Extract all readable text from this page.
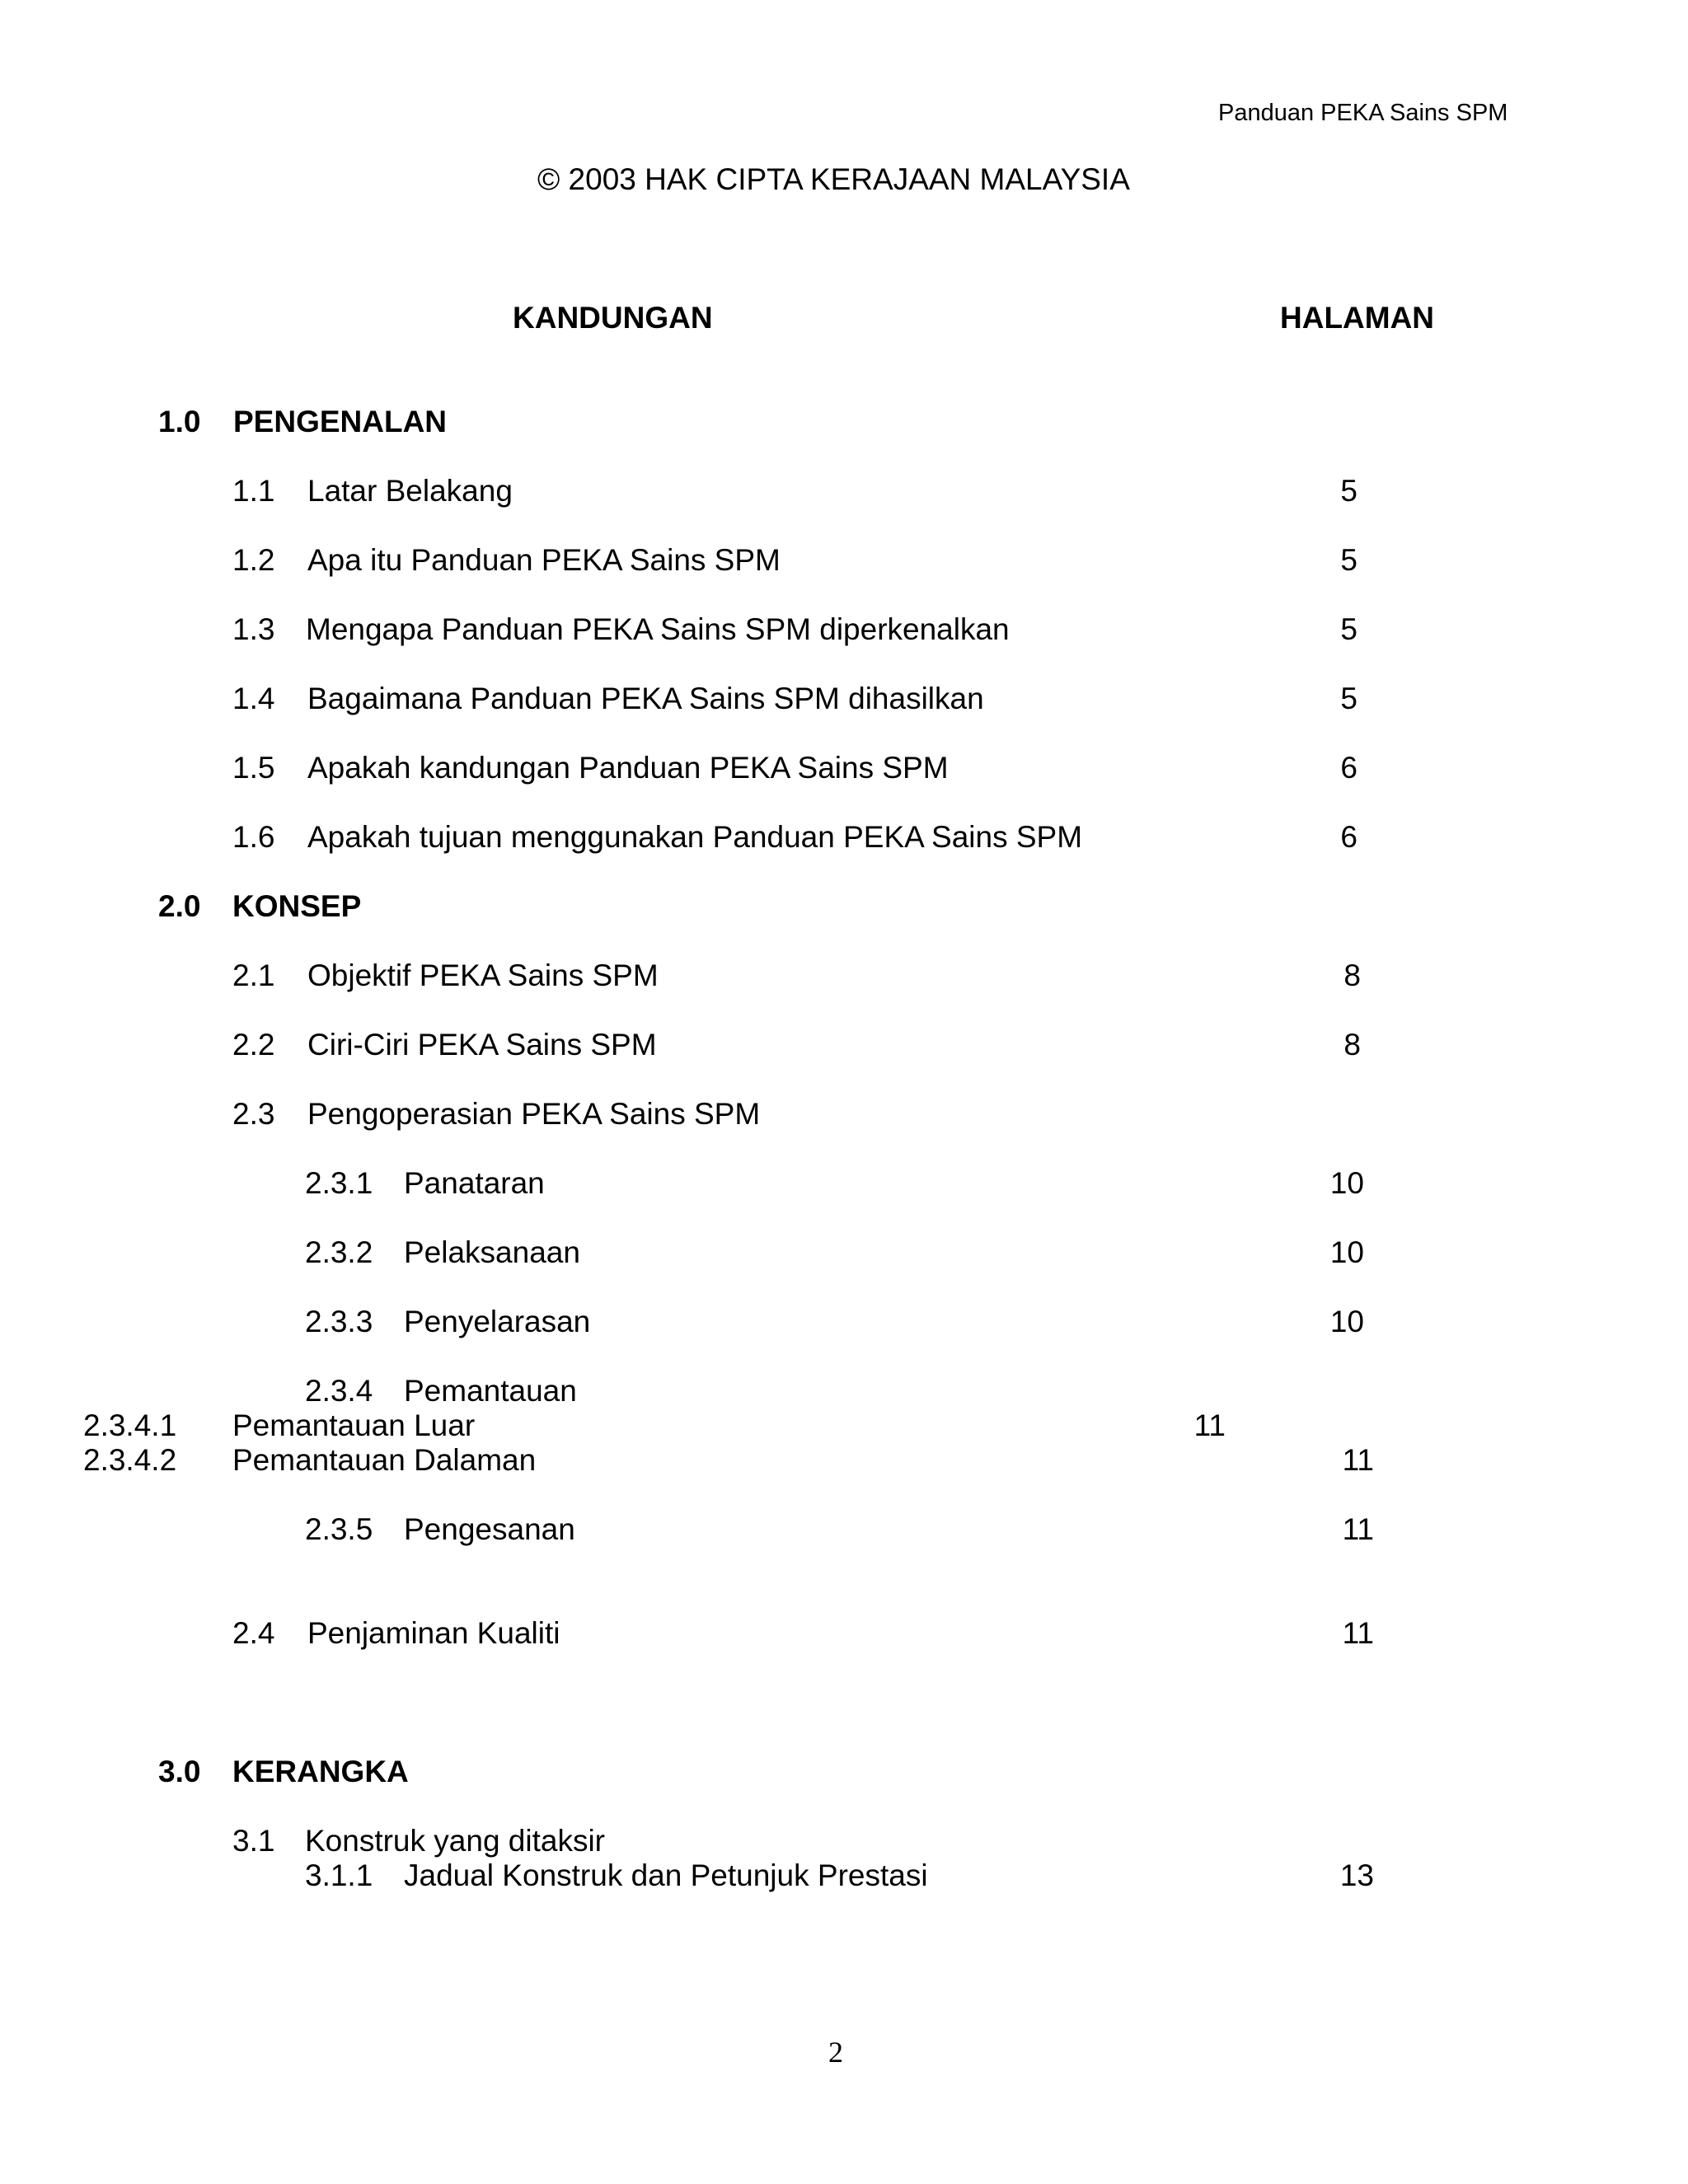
Panduan PEKA Sains SPM
© 2003 HAK CIPTA KERAJAAN MALAYSIA
KANDUNGAN	HALAMAN
1.0 PENGENALAN
1.1 Latar Belakang	5
1.2 Apa itu Panduan PEKA Sains SPM	5
1.3 Mengapa Panduan PEKA Sains SPM diperkenalkan	5
1.4 Bagaimana Panduan PEKA Sains SPM dihasilkan	5
1.5 Apakah kandungan Panduan PEKA Sains SPM	6
1.6 Apakah tujuan menggunakan Panduan PEKA Sains SPM	6
2.0 KONSEP
2.1 Objektif PEKA Sains SPM	8
2.2 Ciri-Ciri PEKA Sains SPM	8
2.3 Pengoperasian PEKA Sains SPM
2.3.1 Panataran	10
2.3.2 Pelaksanaan	10
2.3.3 Penyelarasan	10
2.3.4 Pemantauan
2.3.4.1 Pemantauan Luar	11
2.3.4.2 Pemantauan Dalaman	11
2.3.5 Pengesanan	11
2.4 Penjaminan Kualiti	11
3.0 KERANGKA
3.1 Konstruk yang ditaksir
3.1.1 Jadual Konstruk dan Petunjuk Prestasi	13
2
